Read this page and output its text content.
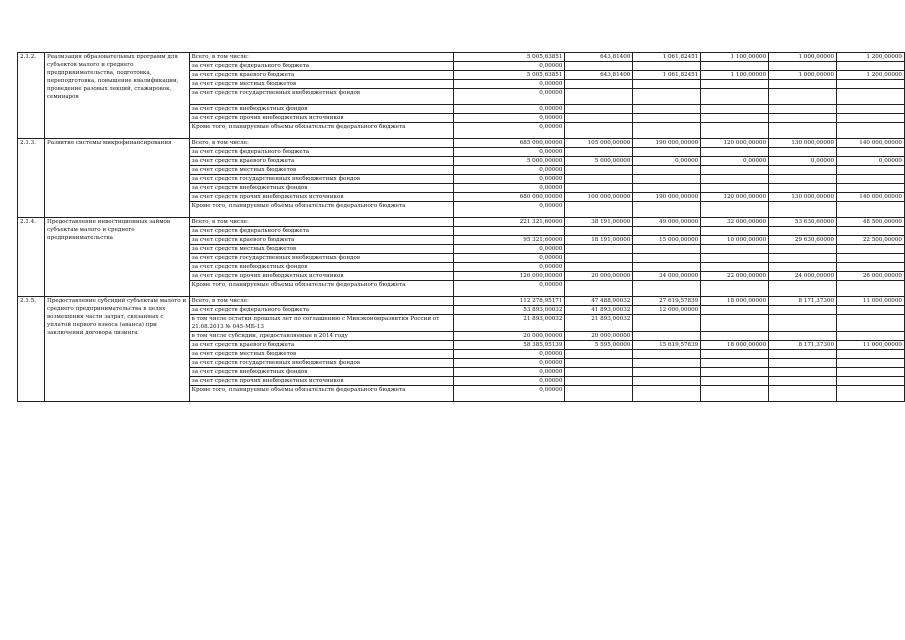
2.1.2.	Реализация образовательных программ для субъектов малого и среднего предпринимательства, подготовка, переподготовка, повышение квалификации, проведение разовых лекций, стажировок, семинаров	Всего, в том числе:	5 005,63851	643,81400	1 061,82451	1 100,00000	1 000,00000	1 200,00000
		за счет средств федерального бюджета	0,00000					
		за счет средств краевого бюджета	5 005,63851	643,81400	1 061,82451	1 100,00000	1 000,00000	1 200,00000
		за счет средств местных бюджетов	0,00000					
		за счет средств государственных внебюджетных фондов	0,00000					
		за счет средств внебюджетных фондов	0,00000					
		за счет средств прочих внебюджетных источников	0,00000					
		Кроме того, планируемые объемы обязательств федерального бюджета	0,00000					
2.1.3.	Развитие системы микрофинансирования	Всего, в том числе:	685 000,00000	105 000,00000	190 000,00000	120 000,00000	130 000,00000	140 000,00000
		за счет средств федерального бюджета	0,00000					
		за счет средств краевого бюджета	5 000,00000	5 000,00000	0,00000	0,00000	0,00000	0,00000
		за счет средств местных бюджетов	0,00000					
		за счет средств государственных внебюджетных фондов	0,00000					
		за счет средств внебюджетных фондов	0,00000					
		за счет средств прочих внебюджетных источников	680 000,00000	100 000,00000	190 000,00000	120 000,00000	130 000,00000	140 000,00000
		Кроме того, планируемые объемы обязательств федерального бюджета	0,00000					
2.1.4.	Предоставление инвестиционных займов субъектам малого и среднего предпринимательства	Всего, в том числе:	221 321,60000	38 191,00000	49 000,00000	32 000,00000	53 630,60000	48 500,00000
		за счет средств федерального бюджета						
		за счет средств краевого бюджета	95 321,60000	18 191,00000	15 000,00000	10 000,00000	29 630,60000	22 500,00000
		за счет средств местных бюджетов	0,00000					
		за счет средств государственных внебюджетных фондов	0,00000					
		за счет средств внебюджетных фондов	0,00000					
		за счет средств прочих внебюджетных источников	126 000,00000	20 000,00000	34 000,00000	22 000,00000	24 000,00000	26 000,00000
		Кроме того, планируемые объемы обязательств федерального бюджета	0,00000					
2.1.5.	Предоставление субсидий субъектам малого и среднего предпринимательства в целях возмещения части затрат, связанных с уплатой первого взноса (аванса) при заключении договора лизинга	Всего, в том числе:	112 278,95171	47 488,00032	27 619,57839	18 000,00000	8 171,37300	11 000,00000
		за счет средств федерального бюджета	53 893,00032	41 893,00032	12 000,00000			
		в том числе остатки прошлых лет по соглашению с Минэкономразвития России от 21.08.2013 № 045-МБ-13	21 893,00032	21 893,00032				
		в том числе субсидии, предоставляемые в 2014 году	20 000,00000	20 000,00000				
		за счет средств краевого бюджета	58 385,95139	5 595,00000	15 619,57839	18 000,00000	8 171,37300	11 000,00000
		за счет средств местных бюджетов	0,00000					
		за счет средств государственных внебюджетных фондов	0,00000					
		за счет средств внебюджетных фондов	0,00000					
		за счет средств прочих внебюджетных источников	0,00000					
		Кроме того, планируемые объемы обязательств федерального бюджета	0,00000					
